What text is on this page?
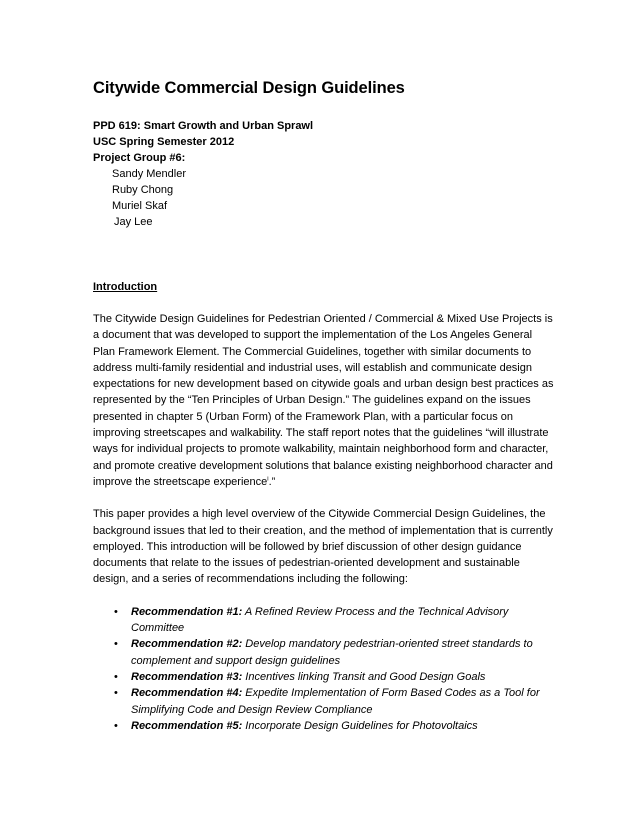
Citywide Commercial Design Guidelines

PPD 619: Smart Growth and Urban Sprawl

USC Spring Semester 2012

Project Group #6:

Sandy Mendler
Ruby Chong
Muriel Skaf
Jay Lee
Introduction

The Citywide Design Guidelines for Pedestrian Oriented / Commercial & Mixed Use Projects is a document that was developed to support the implementation of the Los Angeles General Plan Framework Element. The Commercial Guidelines, together with similar documents to address multi-family residential and industrial uses, will establish and communicate design expectations for new development based on citywide goals and urban design best practices as represented by the “Ten Principles of Urban Design.” The guidelines expand on the issues presented in chapter 5 (Urban Form) of the Framework Plan, with a particular focus on improving streetscapes and walkability. The staff report notes that the guidelines “will illustrate ways for individual projects to promote walkability, maintain neighborhood form and character, and promote creative development solutions that balance existing neighborhood character and improve the streetscape experience$^i$.”

This paper provides a high level overview of the Citywide Commercial Design Guidelines, the background issues that led to their creation, and the method of implementation that is currently employed. This introduction will be followed by brief discussion of other design guidance documents that relate to the issues of pedestrian-oriented development and sustainable design, and a series of recommendations including the following:

• Recommendation #1: A Refined Review Process and the Technical Advisory Committee
• Recommendation #2: Develop mandatory pedestrian-oriented street standards to complement and support design guidelines
• Recommendation #3: Incentives linking Transit and Good Design Goals
• Recommendation #4: Expedite Implementation of Form Based Codes as a Tool for Simplifying Code and Design Review Compliance
• Recommendation #5: Incorporate Design Guidelines for Photovoltaics
